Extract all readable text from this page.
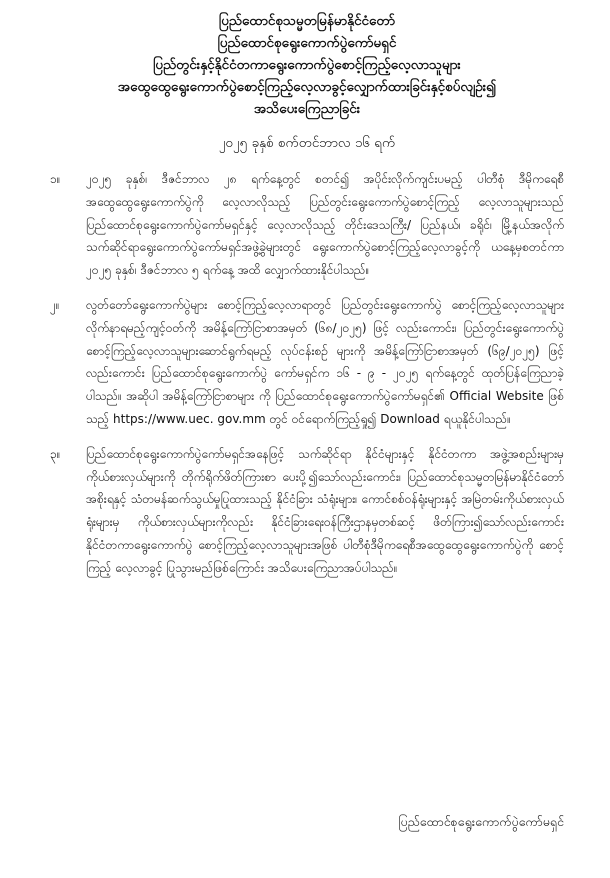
ပြည်ထောင်စုသမ္မတမြန်မာနိုင်ငံတော်
ပြည်ထောင်စုရွေးကောက်ပွဲကော်မရှင်
ပြည်တွင်းနှင့်နိုင်ငံတကာရွေးကောက်ပွဲစောင့်ကြည့်လေ့လာသူများ
အထွေထွေရွေးကောက်ပွဲစောင့်ကြည့်လေ့လာခွင့်လျှောက်ထားခြင်းနှင့်စပ်လျဉ်း၍
အသိပေးကြေညာခြင်း
၂၀၂၅ ခုနှစ် စက်တင်ဘာလ ၁၆ ရက်
၁။	၂၀၂၅ ခုနှစ်၊ ဒီဇင်ဘာလ ၂၈ ရက်နေ့တွင် စတင်၍ အပိုင်းလိုက်ကျင်းပမည့် ပါတီစုံ ဒီမိုကရေစီအထွေထွေရွေးကောက်ပွဲကို လေ့လာလိုသည့် ပြည်တွင်းရွေးကောက်ပွဲစောင့်ကြည့် လေ့လာသူများသည် ပြည်ထောင်စုရွေးကောက်ပွဲကော်မရှင်နှင့် လေ့လာလိုသည့် တိုင်းဒေသကြီး/ ပြည်နယ်၊ ခရိုင်၊ မြို့နယ်အလိုက် သက်ဆိုင်ရာရွေးကောက်ပွဲကော်မရှင်အဖွဲ့ခွဲများတွင် ရွေးကောက်ပွဲစောင့်ကြည့်လေ့လာခွင့်ကို ယနေ့မှစတင်ကာ ၂၀၂၅ ခုနှစ်၊ ဒီဇင်ဘာလ ၅ ရက်နေ့ အထိ လျှောက်ထားနိုင်ပါသည်။
၂။	လွတ်တော်ရွေးကောက်ပွဲများ စောင့်ကြည့်လေ့လာရာတွင် ပြည်တွင်းရွေးကောက်ပွဲ စောင့်ကြည့်လေ့လာသူများလိုက်နာရမည့်ကျင့်ဝတ်ကို အမိန့်ကြော်ငြာစာအမှတ် (၆၈/၂၀၂၅) ဖြင့် လည်းကောင်း၊ ပြည်တွင်းရွေးကောက်ပွဲစောင့်ကြည့်လေ့လာသူများဆောင်ရွက်ရမည့် လုပ်ငန်းစဉ် များကို အမိန့်ကြော်ငြာစာအမှတ် (၆၉/၂၀၂၅) ဖြင့်လည်းကောင်း ပြည်ထောင်စုရွေးကောက်ပွဲ ကော်မရှင်က ၁၆ - ၉ - ၂၀၂၅ ရက်နေ့တွင် ထုတ်ပြန်ကြေညာခဲ့ပါသည်။ အဆိုပါ အမိန့်ကြော်ငြာစာများ ကို ပြည်ထောင်စုရွေးကောက်ပွဲကော်မရှင်၏ Official Website ဖြစ်သည့် https://www.uec. gov.mm တွင် ဝင်ရောက်ကြည့်ရှု၍ Download ရယူနိုင်ပါသည်။
၃။	ပြည်ထောင်စုရွေးကောက်ပွဲကော်မရှင်အနေဖြင့် သက်ဆိုင်ရာ နိုင်ငံများနှင့် နိုင်ငံတကာ အဖွဲ့အစည်းများမှကိုယ်စားလှယ်များကို တိုက်ရိုက်ဖိတ်ကြားစာ ပေးပို့၍သော်လည်းကောင်း၊ ပြည်ထောင်စုသမ္မတမြန်မာနိုင်ငံတော်အစိုးရနှင့် သံတမန်ဆက်သွယ်မှုပြုထားသည့် နိုင်ငံခြား သံရုံးများ၊ ကောင်စစ်ဝန်ရုံးများနှင့် အမြဲတမ်းကိုယ်စားလှယ်ရုံးများမှ ကိုယ်စားလှယ်များကိုလည်း နိုင်ငံခြားရေးဝန်ကြီးဌာနမှတစ်ဆင့် ဖိတ်ကြား၍သော်လည်းကောင်း နိုင်ငံတကာရွေးကောက်ပွဲ စောင့်ကြည့်လေ့လာသူများအဖြစ် ပါတီစုံဒီမိုကရေစီအထွေထွေရွေးကောက်ပွဲကို စောင့်ကြည့် လေ့လာခွင့် ပြုသွားမည်ဖြစ်ကြောင်း အသိပေးကြေညာအပ်ပါသည်။
ပြည်ထောင်စုရွေးကောက်ပွဲကော်မရှင်
